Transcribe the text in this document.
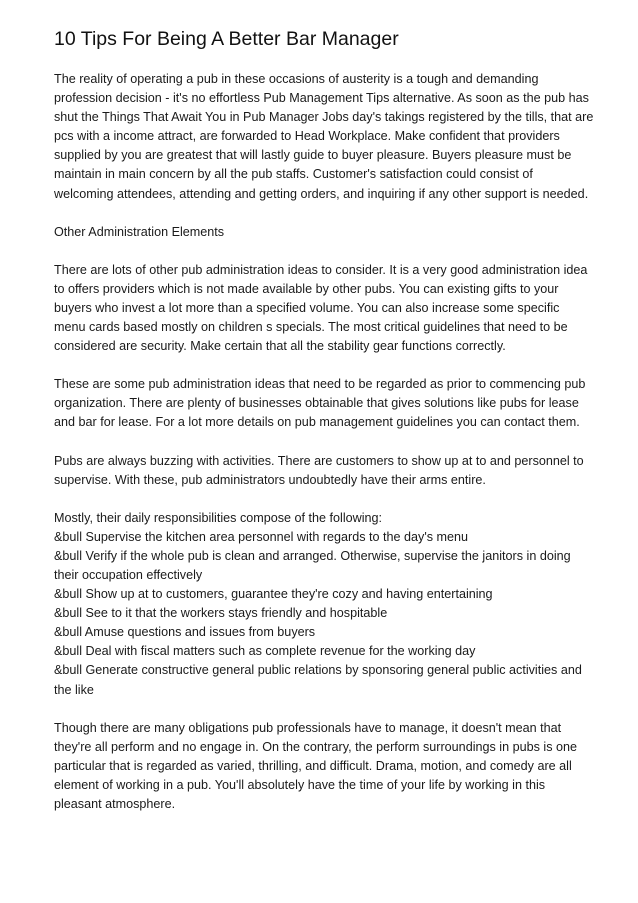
10 Tips For Being A Better Bar Manager

The reality of operating a pub in these occasions of austerity is a tough and demanding profession decision - it's no effortless Pub Management Tips alternative. As soon as the pub has shut the Things That Await You in Pub Manager Jobs day's takings registered by the tills, that are pcs with a income attract, are forwarded to Head Workplace. Make confident that providers supplied by you are greatest that will lastly guide to buyer pleasure. Buyers pleasure must be maintain in main concern by all the pub staffs. Customer's satisfaction could consist of welcoming attendees, attending and getting orders, and inquiring if any other support is needed.

Other Administration Elements

There are lots of other pub administration ideas to consider. It is a very good administration idea to offers providers which is not made available by other pubs. You can existing gifts to your buyers who invest a lot more than a specified volume. You can also increase some specific menu cards based mostly on children s specials. The most critical guidelines that need to be considered are security. Make certain that all the stability gear functions correctly.

These are some pub administration ideas that need to be regarded as prior to commencing pub organization. There are plenty of businesses obtainable that gives solutions like pubs for lease and bar for lease. For a lot more details on pub management guidelines you can contact them.

Pubs are always buzzing with activities. There are customers to show up at to and personnel to supervise. With these, pub administrators undoubtedly have their arms entire.

Mostly, their daily responsibilities compose of the following:

&bull Supervise the kitchen area personnel with regards to the day's menu
&bull Verify if the whole pub is clean and arranged. Otherwise, supervise the janitors in doing their occupation effectively
&bull Show up at to customers, guarantee they're cozy and having entertaining
&bull See to it that the workers stays friendly and hospitable
&bull Amuse questions and issues from buyers
&bull Deal with fiscal matters such as complete revenue for the working day
&bull Generate constructive general public relations by sponsoring general public activities and the like

Though there are many obligations pub professionals have to manage, it doesn't mean that they're all perform and no engage in. On the contrary, the perform surroundings in pubs is one particular that is regarded as varied, thrilling, and difficult. Drama, motion, and comedy are all element of working in a pub. You'll absolutely have the time of your life by working in this pleasant atmosphere.
